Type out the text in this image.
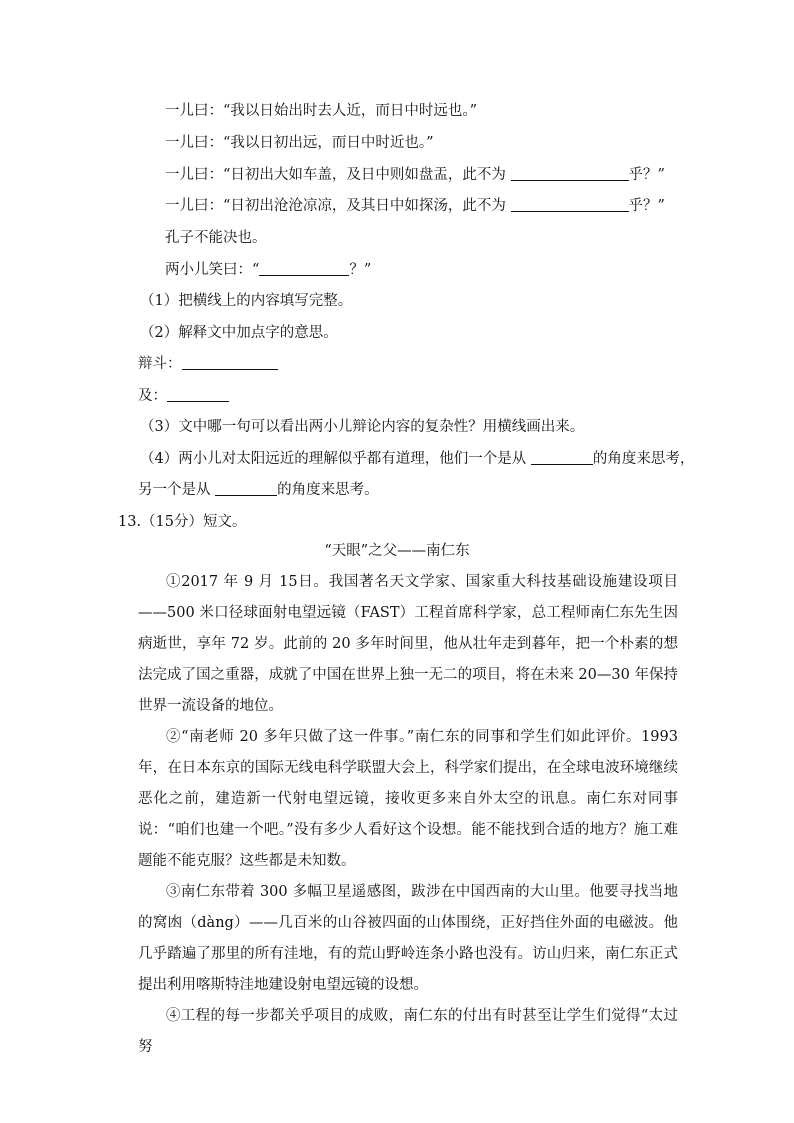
一儿曰：“我以日始出时去人近，而日中时远也。”
一儿曰：“我以日初出远，而日中时近也。”
一儿曰：“日初出大如车盖，及日中则如盘盂，此不为	乎？”
一儿曰：“日初出沧沧凉凉，及其日中如探汤，此不为	乎？”
孔子不能决也。
两小儿笑曰：“	？”
（1）把横线上的内容填写完整。
（2）解释文中加点字的意思。
辩斗：
及：
（3）文中哪一句可以看出两小儿辩论内容的复杂性？用横线画出来。
（4）两小儿对太阳远近的理解似乎都有道理，他们一个是从	的角度来思考，
另一个是从	的角度来思考。
13.（15分）短文。
“天眼”之父——南仁东
①2017 年 9 月 15日。我国著名天文学家、国家重大科技基础设施建设项目——500 米口径球面射电望远镜（FAST）工程首席科学家，总工程师南仁东先生因病逝世，享年 72 岁。此前的 20 多年时间里，他从壮年走到暮年，把一个朴素的想法完成了国之重器，成就了中国在世界上独一无二的项目，将在未来 20—30 年保持世界一流设备的地位。
②“南老师 20 多年只做了这一件事。”南仁东的同事和学生们如此评价。1993 年，在日本东京的国际无线电科学联盟大会上，科学家们提出，在全球电波环境继续恶化之前，建造新一代射电望远镜，接收更多来自外太空的讯息。南仁东对同事说：“咱们也建一个吧。”没有多少人看好这个设想。能不能找到合适的地方？施工难题能不能克服？这些都是未知数。
③南仁东带着 300 多幅卫星遥感图，跋涉在中国西南的大山里。他要寻找当地的窝凼（dàng）——几百米的山谷被四面的山体围绕，正好挡住外面的电磁波。他几乎踏遍了那里的所有洼地，有的荒山野岭连条小路也没有。访山归来，南仁东正式提出利用喀斯特洼地建设射电望远镜的设想。
④工程的每一步都关乎项目的成败，南仁东的付出有时甚至让学生们觉得“太过努
